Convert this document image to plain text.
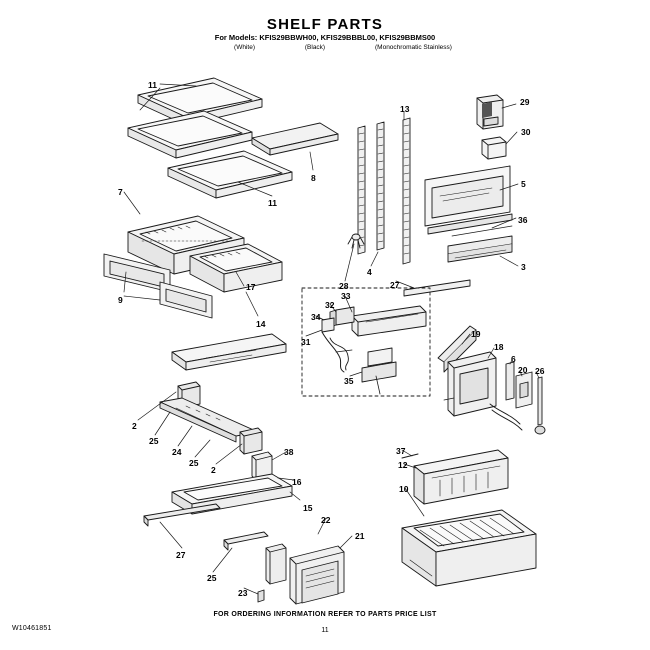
SHELF PARTS
For Models: KFIS29BBWH00, KFIS29BBBL00, KFIS29BBMS00
(White)	(Black)	(Monochromatic Stainless)
FOR ORDERING INFORMATION REFER TO PARTS PRICE LIST
11
W10461851
11
13
29
30
8
11
7
5
36
3
28
4
27
17
9
14
33
32
34
31
35
19
18
6
20 26
2
25
24
25
2
38
16
15
37
12
10
27
22
21
25
23
